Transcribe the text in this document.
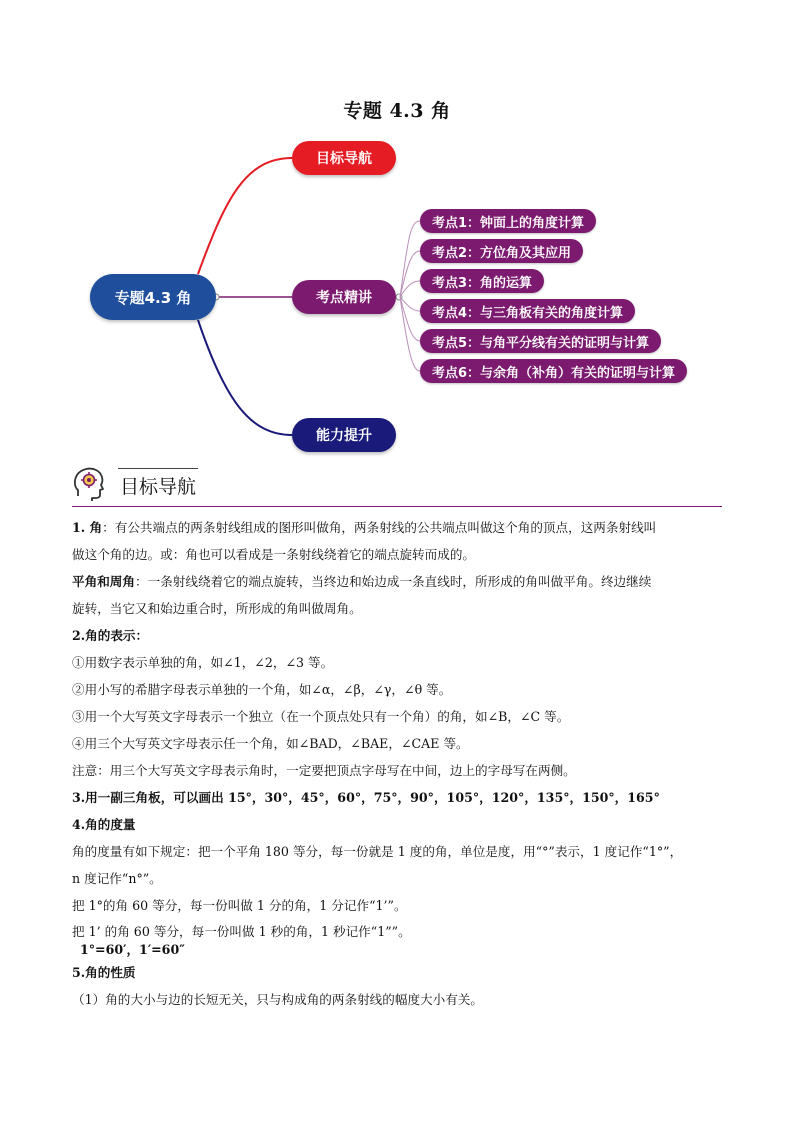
专题 4.3 角
专题4.3 角
目标导航
考点精讲
能力提升
考点1：钟面上的角度计算
考点2：方位角及其应用
考点3：角的运算
考点4：与三角板有关的角度计算
考点5：与角平分线有关的证明与计算
考点6：与余角（补角）有关的证明与计算
目标导航

1. 角：有公共端点的两条射线组成的图形叫做角，两条射线的公共端点叫做这个角的顶点，这两条射线叫

做这个角的边。或：角也可以看成是一条射线绕着它的端点旋转而成的。

平角和周角：一条射线绕着它的端点旋转，当终边和始边成一条直线时，所形成的角叫做平角。终边继续

旋转，当它又和始边重合时，所形成的角叫做周角。

2.角的表示：

①用数字表示单独的角，如∠1，∠2，∠3 等。

②用小写的希腊字母表示单独的一个角，如∠α，∠β，∠γ，∠θ 等。

③用一个大写英文字母表示一个独立（在一个顶点处只有一个角）的角，如∠B，∠C 等。

④用三个大写英文字母表示任一个角，如∠BAD，∠BAE，∠CAE 等。

注意：用三个大写英文字母表示角时，一定要把顶点字母写在中间，边上的字母写在两侧。

3.用一副三角板，可以画出 15°，30°，45°，60°，75°，90°，105°，120°，135°，150°，165°

4.角的度量

角的度量有如下规定：把一个平角 180 等分，每一份就是 1 度的角，单位是度，用“°”表示，1 度记作“1°”，

n 度记作“n°”。

把 1°的角 60 等分，每一份叫做 1 分的角，1 分记作“1’”。

把 1’ 的角 60 等分，每一份叫做 1 秒的角，1 秒记作“1””。

1°=60′，1′=60″

5.角的性质

（1）角的大小与边的长短无关，只与构成角的两条射线的幅度大小有关。
